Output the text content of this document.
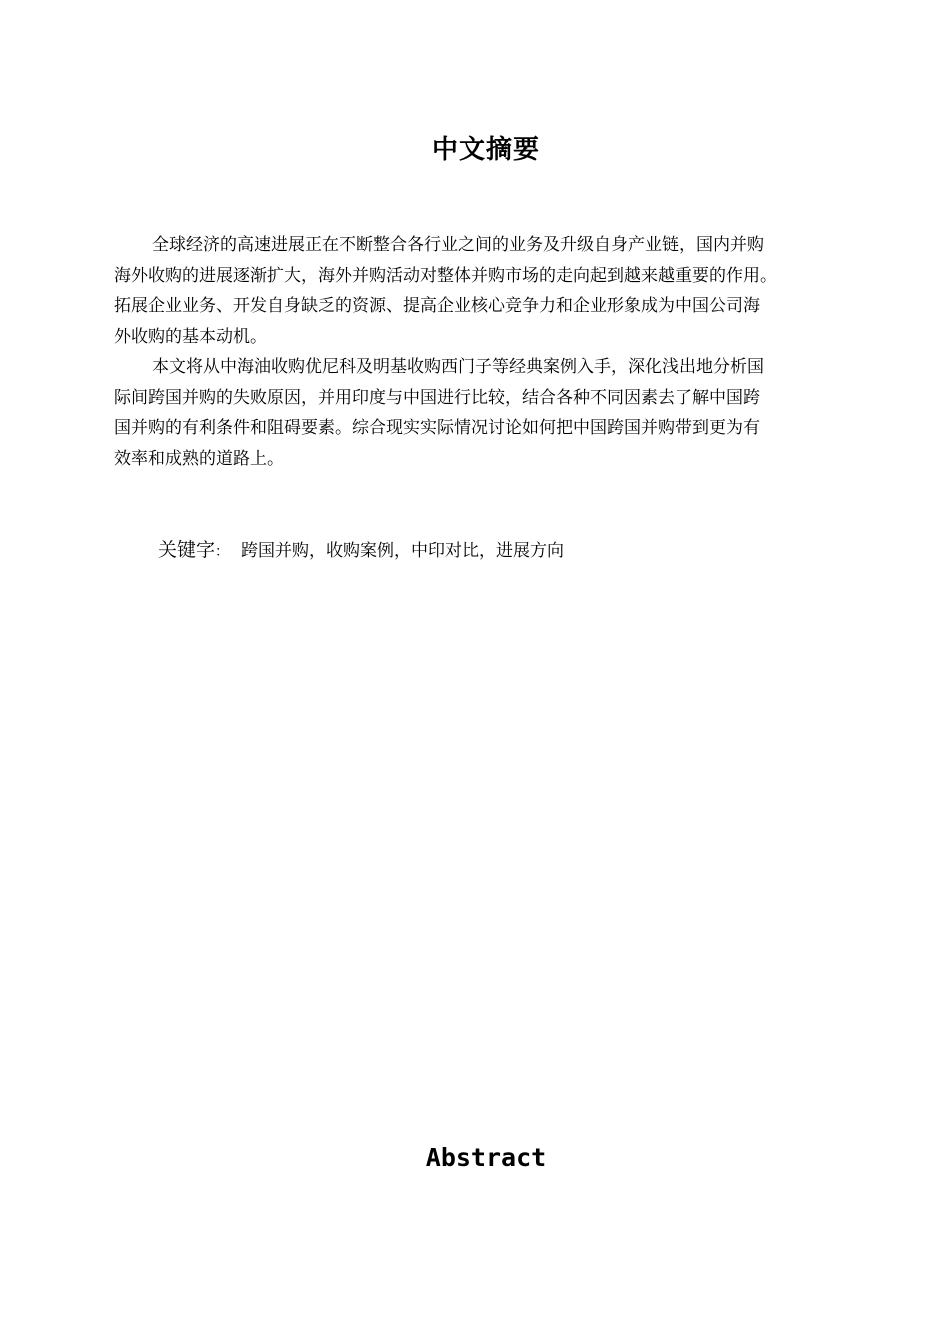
中文摘要

全球经济的高速进展正在不断整合各行业之间的业务及升级自身产业链，国内并购
海外收购的进展逐渐扩大，海外并购活动对整体并购市场的走向起到越来越重要的作用。
拓展企业业务、开发自身缺乏的资源、提高企业核心竞争力和企业形象成为中国公司海
外收购的基本动机。

本文将从中海油收购优尼科及明基收购西门子等经典案例入手，深化浅出地分析国
际间跨国并购的失败原因，并用印度与中国进行比较，结合各种不同因素去了解中国跨
国并购的有利条件和阻碍要素。综合现实实际情况讨论如何把中国跨国并购带到更为有
效率和成熟的道路上。

关键字： 跨国并购，收购案例，中印对比，进展方向
Abstract
